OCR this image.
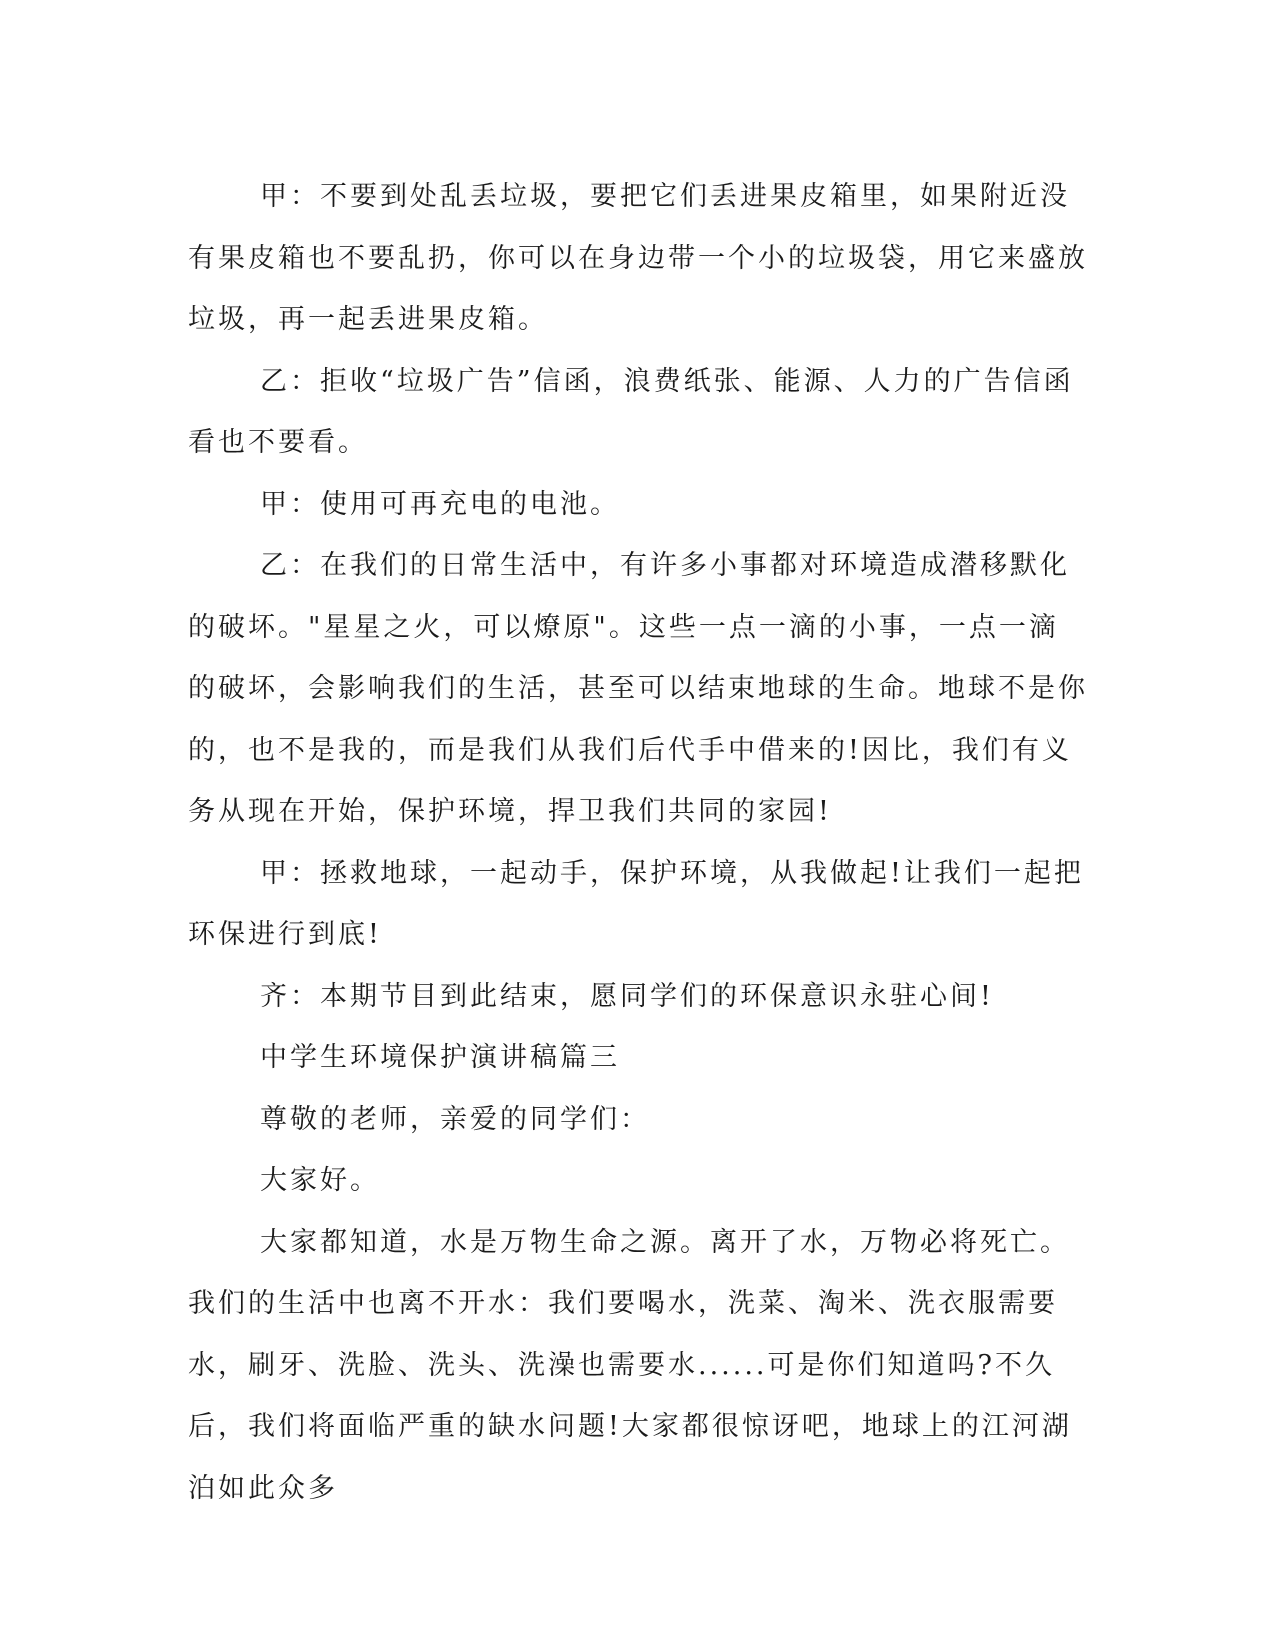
甲：不要到处乱丢垃圾，要把它们丢进果皮箱里，如果附近没有果皮箱也不要乱扔，你可以在身边带一个小的垃圾袋，用它来盛放垃圾，再一起丢进果皮箱。

乙：拒收“垃圾广告”信函，浪费纸张、能源、人力的广告信函看也不要看。

甲：使用可再充电的电池。

乙：在我们的日常生活中，有许多小事都对环境造成潜移默化的破坏。"星星之火，可以燎原"。这些一点一滴的小事，一点一滴的破坏，会影响我们的生活，甚至可以结束地球的生命。地球不是你的，也不是我的，而是我们从我们后代手中借来的!因比，我们有义务从现在开始，保护环境，捍卫我们共同的家园!

甲：拯救地球，一起动手，保护环境，从我做起!让我们一起把环保进行到底!

齐：本期节目到此结束，愿同学们的环保意识永驻心间!

中学生环境保护演讲稿篇三

尊敬的老师，亲爱的同学们：

大家好。

大家都知道，水是万物生命之源。离开了水，万物必将死亡。我们的生活中也离不开水：我们要喝水，洗菜、淘米、洗衣服需要水，刷牙、洗脸、洗头、洗澡也需要水......可是你们知道吗?不久后，我们将面临严重的缺水问题!大家都很惊讶吧，地球上的江河湖泊如此众多
